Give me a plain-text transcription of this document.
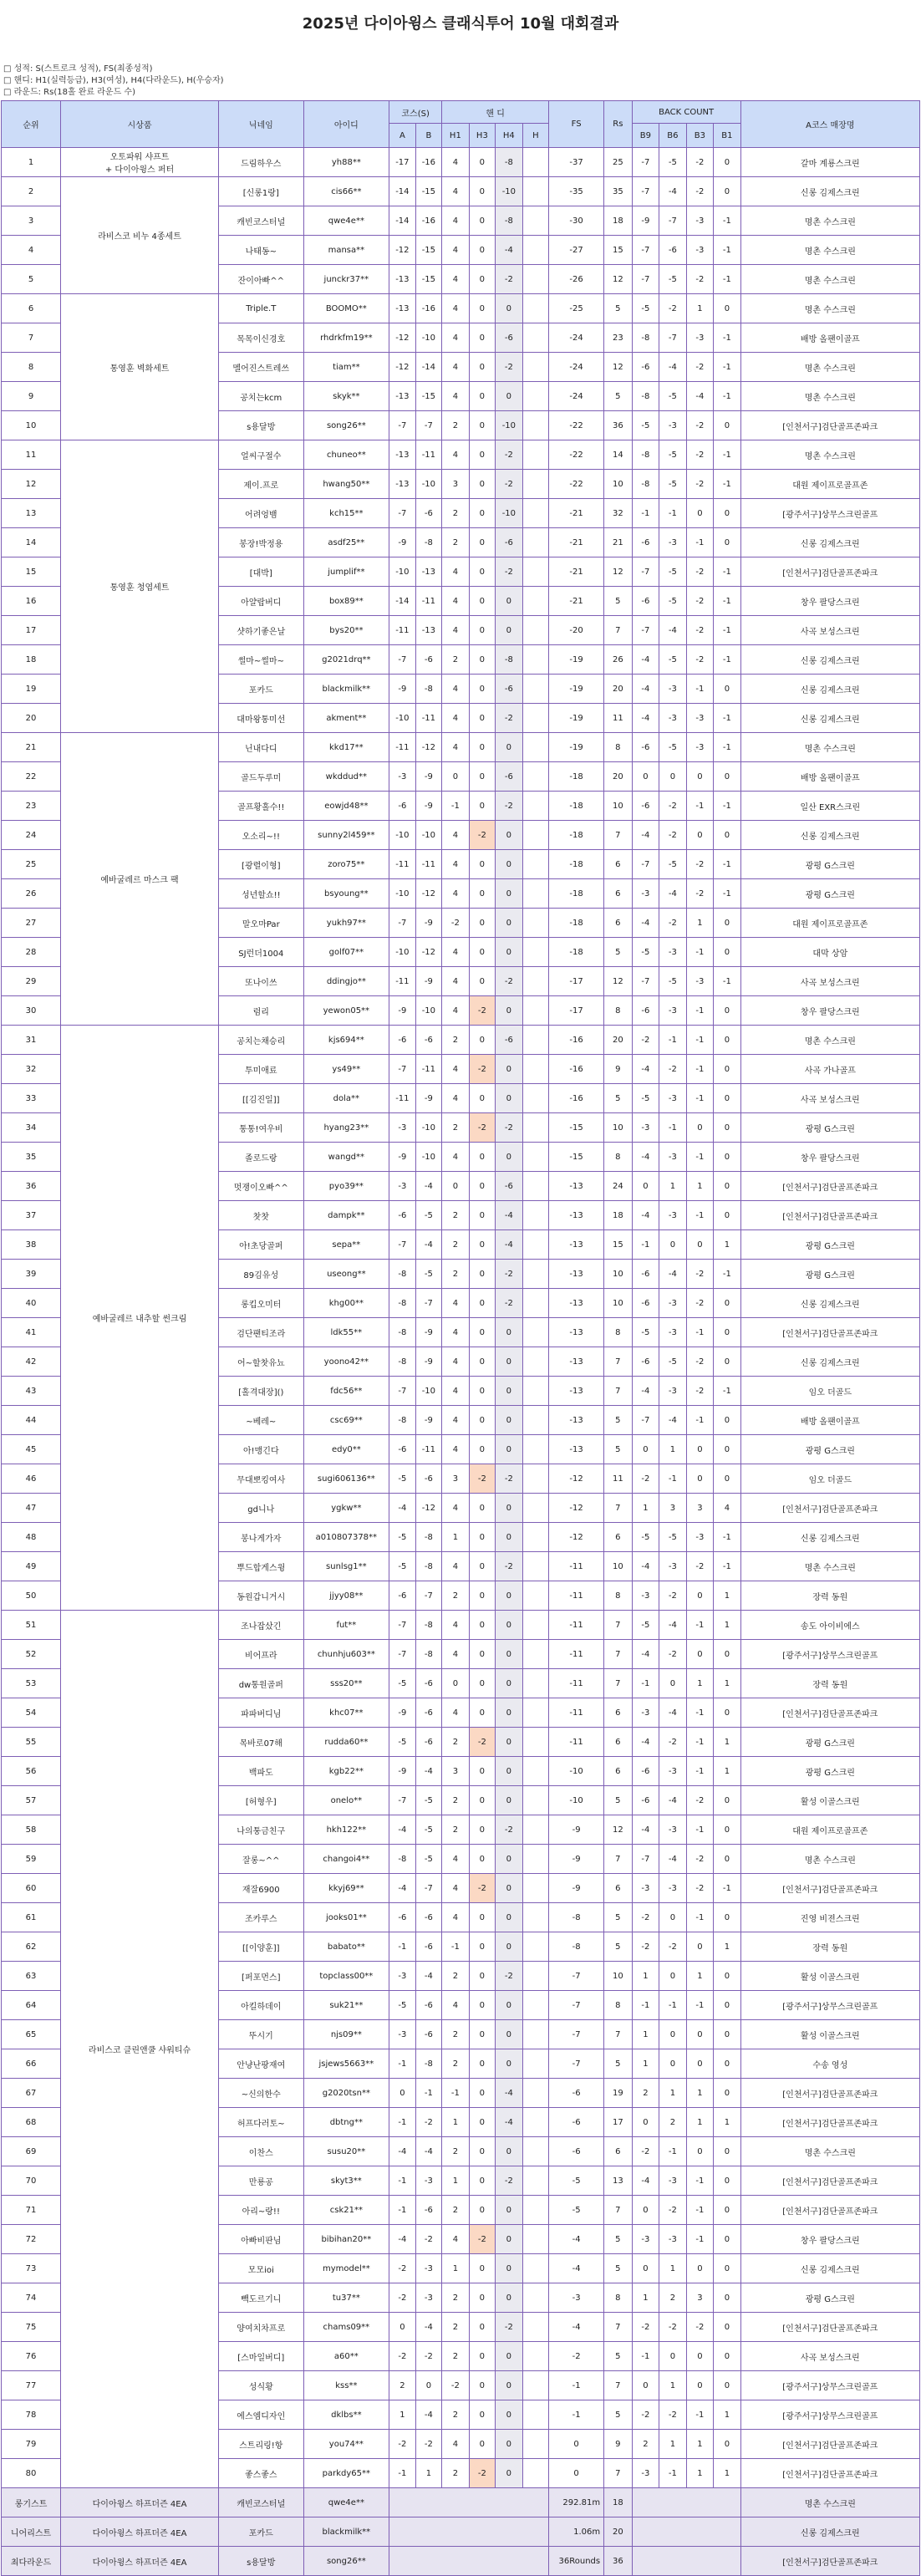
2025년 다이아윙스 클래식투어 10월 대회결과
□ 성적: S(스트로크 성적), FS(최종성적)
□ 핸디: H1(실력등급), H3(여성), H4(다라운드), H(우승자)
□ 라운드: Rs(18홀 완료 라운드 수)
순위	시상품	닉네임	아이디	코스(S)		핸 디				FS	Rs	BACK COUNT				A코스 매장명
				A	B	H1	H3	H4	H			B9	B6	B3	B1	
1	오토파워 샤프트
+ 다이아윙스 퍼터	드림하우스	yh88**	-17	-16	4	0	-8		-37	25	-7	-5	-2	0	갈마 계룡스크린
2	라비스코 비누 4종세트	[신롱1랑]	cis66**	-14	-15	4	0	-10		-35	35	-7	-4	-2	0	신롱 김제스크린
3		캐빈코스터널	qwe4e**	-14	-16	4	0	-8		-30	18	-9	-7	-3	-1	명촌 수스크린
4		나태동~	mansa**	-12	-15	4	0	-4		-27	15	-7	-6	-3	-1	명촌 수스크린
5		잔이아빠^^	junckr37**	-13	-15	4	0	-2		-26	12	-7	-5	-2	-1	명촌 수스크린
6	통영훈 벽화세트	Triple.T	BOOMO**	-13	-16	4	0	0		-25	5	-5	-2	1	0	명촌 수스크린
7		목목이신경호	rhdrkfm19**	-12	-10	4	0	-6		-24	23	-8	-7	-3	-1	배방 올팬이골프
8		멜어진스트레쓰	tiam**	-12	-14	4	0	-2		-24	12	-6	-4	-2	-1	명촌 수스크린
9		공치는kcm	skyk**	-13	-15	4	0	0		-24	5	-8	-5	-4	-1	명촌 수스크린
10		s용달방	song26**	-7	-7	2	0	-10		-22	36	-5	-3	-2	0	[인천서구]검단골프존파크
11	통영훈 청엽세트	얼씨구절수	chuneo**	-13	-11	4	0	-2		-22	14	-8	-5	-2	-1	명촌 수스크린
12		제이.프로	hwang50**	-13	-10	3	0	-2		-22	10	-8	-5	-2	-1	대원 제이프로골프존
13		어려엉뱀	kch15**	-7	-6	2	0	-10		-21	32	-1	-1	0	0	[광주서구]상무스크린골프
14		봉장!박정용	asdf25**	-9	-8	2	0	-6		-21	21	-6	-3	-1	0	신롱 김제스크린
15		[대박]	jumplif**	-10	-13	4	0	-2		-21	12	-7	-5	-2	-1	[인천서구]검단골프존파크
16		아얄랍버디	box89**	-14	-11	4	0	0		-21	5	-6	-5	-2	-1	창우 팔당스크린
17		샷하기좋은날	bys20**	-11	-13	4	0	0		-20	7	-7	-4	-2	-1	사곡 보성스크린
18		썰마~썰마~	g2021drq**	-7	-6	2	0	-8		-19	26	-4	-5	-2	-1	신롱 김제스크린
19		포카드	blackmilk**	-9	-8	4	0	-6		-19	20	-4	-3	-1	0	신롱 김제스크린
20		대마왕통미선	akment**	-10	-11	4	0	-2		-19	11	-4	-3	-3	-1	신롱 김제스크린
21	예바굴레르 마스크 팩	닌내다디	kkd17**	-11	-12	4	0	0		-19	8	-6	-5	-3	-1	명촌 수스크린
22		골드두루미	wkddud**	-3	-9	0	0	-6		-18	20	0	0	0	0	배방 올팬이골프
23		골프황홀수!!	eowjd48**	-6	-9	-1	0	-2		-18	10	-6	-2	-1	-1	일산 EXR스크린
24		오소리~!!	sunny2l459**	-10	-10	4	-2	0		-18	7	-4	-2	0	0	신롱 김제스크린
25		[광렬이형]	zoro75**	-11	-11	4	0	0		-18	6	-7	-5	-2	-1	광평 G스크린
26		성년할쇼!!	bsyoung**	-10	-12	4	0	0		-18	6	-3	-4	-2	-1	광평 G스크린
27		말오마Par	yukh97**	-7	-9	-2	0	0		-18	6	-4	-2	1	0	대원 제이프로골프존
28		SJ런더1004	golf07**	-10	-12	4	0	0		-18	5	-5	-3	-1	0	대막 상암
29		또나이쓰	ddingjo**	-11	-9	4	0	-2		-17	12	-7	-5	-3	-1	사곡 보성스크린
30		럼리	yewon05**	-9	-10	4	-2	0		-17	8	-6	-3	-1	0	창우 팔당스크린
31	예바굴레르 내추할 썬크림	공치는채승리	kjs694**	-6	-6	2	0	-6		-16	20	-2	-1	-1	0	명촌 수스크린
32		투미애료	ys49**	-7	-11	4	-2	0		-16	9	-4	-2	-1	0	사곡 가나골프
33		[[김진일]]	dola**	-11	-9	4	0	0		-16	5	-5	-3	-1	0	사곡 보성스크린
34		통통!여우비	hyang23**	-3	-10	2	-2	-2		-15	10	-3	-1	0	0	광평 G스크린
35		졸로드랑	wangd**	-9	-10	4	0	0		-15	8	-4	-3	-1	0	창우 팔당스크린
36		멋쟁이오빠^^	pyo39**	-3	-4	0	0	-6		-13	24	0	1	1	0	[인천서구]검단골프존파크
37		찻찻	dampk**	-6	-5	2	0	-4		-13	18	-4	-3	-1	0	[인천서구]검단골프존파크
38		아!초당골퍼	sepa**	-7	-4	2	0	-4		-13	15	-1	0	0	1	광평 G스크린
39		89김유성	useong**	-8	-5	2	0	-2		-13	10	-6	-4	-2	-1	광평 G스크린
40		롱킵오미터	khg00**	-8	-7	4	0	-2		-13	10	-6	-3	-2	0	신롱 김제스크린
41		검단팬티조라	ldk55**	-8	-9	4	0	0		-13	8	-5	-3	-1	0	[인천서구]검단골프존파크
42		어~할찻유뇨	yoono42**	-8	-9	4	0	0		-13	7	-6	-5	-2	0	신롱 김제스크린
43		[홀격대장]()	fdc56**	-7	-10	4	0	0		-13	7	-4	-3	-2	-1	임오 더골드
44		~베레~	csc69**	-8	-9	4	0	0		-13	5	-7	-4	-1	0	배방 올팬이골프
45		아!맹긴다	edy0**	-6	-11	4	0	0		-13	5	0	1	0	0	광평 G스크린
46		무대뽀킹여사	sugi606136**	-5	-6	3	-2	-2		-12	11	-2	-1	0	0	임오 더골드
47		gd니나	ygkw**	-4	-12	4	0	0		-12	7	1	3	3	4	[인천서구]검단골프존파크
48		봉나게가자	a010807378**	-5	-8	1	0	0		-12	6	-5	-5	-3	-1	신롱 김제스크린
49		뿌드합게스윙	sunlsg1**	-5	-8	4	0	-2		-11	10	-4	-3	-2	-1	명촌 수스크린
50		동원갑니거시	jjyy08**	-6	-7	2	0	0		-11	8	-3	-2	0	1	장력 동원
51	라비스코 클린앤쿨 샤워티슈	조나잡샀긴	fut**	-7	-8	4	0	0		-11	7	-5	-4	-1	1	송도 아이비에스
52		비어프라	chunhju603**	-7	-8	4	0	0		-11	7	-4	-2	0	0	[광주서구]상무스크린골프
53		dw통원골퍼	sss20**	-5	-6	0	0	0		-11	7	-1	0	1	1	장력 동원
54		파파버디님	khc07**	-9	-6	4	0	0		-11	6	-3	-4	-1	0	[인천서구]검단골프존파크
55		목바로07해	rudda60**	-5	-6	2	-2	0		-11	6	-4	-2	-1	1	광평 G스크린
56		백파도	kgb22**	-9	-4	3	0	0		-10	6	-6	-3	-1	1	광평 G스크린
57		[허형우]	onelo**	-7	-5	2	0	0		-10	5	-6	-4	-2	0	활성 이골스크린
58		나의퉁금친구	hkh122**	-4	-5	2	0	-2		-9	12	-4	-3	-1	0	대원 제이프로골프존
59		잘롱~^^	changoi4**	-8	-5	4	0	0		-9	7	-7	-4	-2	0	명촌 수스크린
60		재잘6900	kkyj69**	-4	-7	4	-2	0		-9	6	-3	-3	-2	-1	[인천서구]검단골프존파크
61		조카루스	jooks01**	-6	-6	4	0	0		-8	5	-2	0	-1	0	진영 비젼스크린
62		[[이양훈]]	babato**	-1	-6	-1	0	0		-8	5	-2	-2	0	1	장력 동원
63		[퍼포먼스]	topclass00**	-3	-4	2	0	-2		-7	10	1	0	1	0	활성 이골스크린
64		아킬하데이	suk21**	-5	-6	4	0	0		-7	8	-1	-1	-1	0	[광주서구]상무스크린골프
65		뚜시기	njs09**	-3	-6	2	0	0		-7	7	1	0	0	0	활성 이골스크린
66		안냥난팡재여	jsjews5663**	-1	-8	2	0	0		-7	5	1	0	0	0	수송 영성
67		~신의한수	g2020tsn**	0	-1	-1	0	-4		-6	19	2	1	1	0	[인천서구]검단골프존파크
68		허프다러토~	dbtng**	-1	-2	1	0	-4		-6	17	0	2	1	1	[인천서구]검단골프존파크
69		이찬스	susu20**	-4	-4	2	0	0		-6	6	-2	-1	0	0	명촌 수스크린
70		만룡공	skyt3**	-1	-3	1	0	-2		-5	13	-4	-3	-1	0	[인천서구]검단골프존파크
71		아리~랑!!	csk21**	-1	-6	2	0	0		-5	7	0	-2	-1	0	[인천서구]검단골프존파크
72		아빠비판님	bibihan20**	-4	-2	4	-2	0		-4	5	-3	-3	-1	0	창우 팔당스크린
73		모모ioi	mymodel**	-2	-3	1	0	0		-4	5	0	1	0	0	신롱 김제스크린
74		빽도르기니	tu37**	-2	-3	2	0	0		-3	8	1	2	3	0	광평 G스크린
75		양여치차프로	chams09**	0	-4	2	0	-2		-4	7	-2	-2	-2	0	[인천서구]검단골프존파크
76		[스마일버디]	a60**	-2	-2	2	0	0		-2	5	-1	0	0	0	사곡 보성스크린
77		성식황	kss**	2	0	-2	0	0		-1	7	0	1	0	0	[광주서구]상무스크린골프
78		에스엠디자인	dklbs**	1	-4	2	0	0		-1	5	-2	-2	-1	1	[광주서구]상무스크린골프
79		스트리링!항	you74**	-2	-2	4	0	0		0	9	2	1	1	0	[인천서구]검단골프존파크
80		좋스좋스	parkdy65**	-1	1	2	-2	0		0	7	-3	-1	1	1	[인천서구]검단골프존파크
롱기스트	다이아윙스 하프더즌 4EA	캐빈코스터널	qwe4e**							292.81m	18					명촌 수스크린
니어리스트	다이아윙스 하프더즌 4EA	포카드	blackmilk**							1.06m	20					신롱 김제스크린
최다라운드	다이아윙스 하프더즌 4EA	s용달방	song26**							36Rounds	36					[인천서구]검단골프존파크
